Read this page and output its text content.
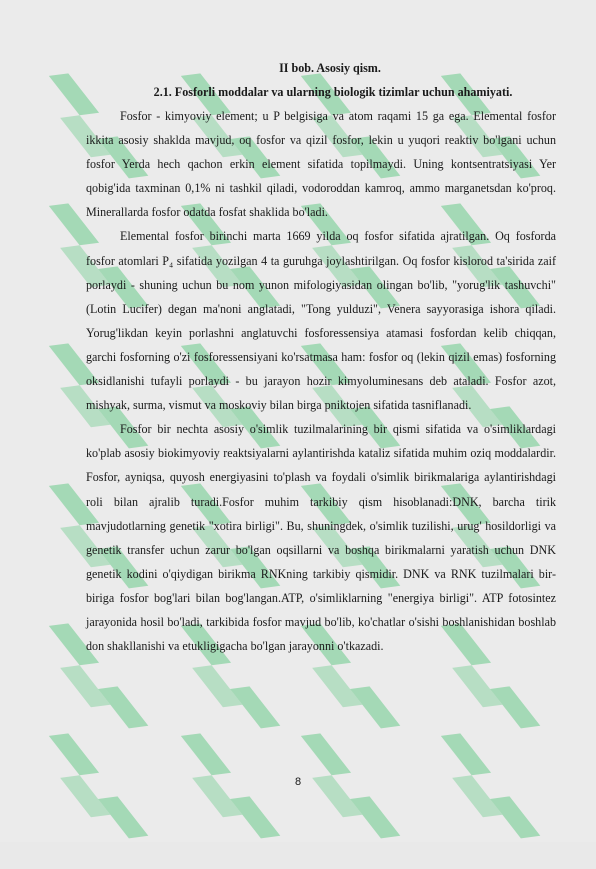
II bob. Asosiy qism.

2.1. Fosforli moddalar va ularning biologik tizimlar uchun ahamiyati.

Fosfor - kimyoviy element; u P belgisiga va atom raqami 15 ga ega. Elemental fosfor ikkita asosiy shaklda mavjud, oq fosfor va qizil fosfor, lekin u yuqori reaktiv bo'lgani uchun fosfor Yerda hech qachon erkin element sifatida topilmaydi. Uning kontsentratsiyasi Yer qobig'ida taxminan 0,1% ni tashkil qiladi, vodoroddan kamroq, ammo marganetsdan ko'proq. Minerallarda fosfor odatda fosfat shaklida bo'ladi.

Elemental fosfor birinchi marta 1669 yilda oq fosfor sifatida ajratilgan. Oq fosforda fosfor atomlari P₄ sifatida yozilgan 4 ta guruhga joylashtirilgan. Oq fosfor kislorod ta'sirida zaif porlaydi - shuning uchun bu nom yunon mifologiyasidan olingan bo'lib, "yorug'lik tashuvchi" (Lotin Lucifer) degan ma'noni anglatadi, "Tong yulduzi", Venera sayyorasiga ishora qiladi. Yorug'likdan keyin porlashni anglatuvchi fosforessensiya atamasi fosfordan kelib chiqqan, garchi fosforning o'zi fosforessensiyani ko'rsatmasa ham: fosfor oq (lekin qizil emas) fosforning oksidlanishi tufayli porlaydi - bu jarayon hozir kimyoluminesans deb ataladi. Fosfor azot, mishyak, surma, vismut va moskoviy bilan birga pniktojen sifatida tasniflanadi.

Fosfor bir nechta asosiy o'simlik tuzilmalarining bir qismi sifatida va o'simliklardagi ko'plab asosiy biokimyoviy reaktsiyalarni aylantirishda kataliz sifatida muhim oziq moddalardir. Fosfor, ayniqsa, quyosh energiyasini to'plash va foydali o'simlik birikmalariga aylantirishdagi roli bilan ajralib turadi.Fosfor muhim tarkibiy qism hisoblanadi:DNK, barcha tirik mavjudotlarning genetik "xotira birligi". Bu, shuningdek, o'simlik tuzilishi, urug' hosildorligi va genetik transfer uchun zarur bo'lgan oqsillarni va boshqa birikmalarni yaratish uchun DNK genetik kodini o'qiydigan birikma RNKning tarkibiy qismidir. DNK va RNK tuzilmalari bir-biriga fosfor bog'lari bilan bog'langan.ATP, o'simliklarning "energiya birligi". ATP fotosintez jarayonida hosil bo'ladi, tarkibida fosfor mavjud bo'lib, ko'chatlar o'sishi boshlanishidan boshlab don shakllanishi va etukligigacha bo'lgan jarayonni o'tkazadi.

8
